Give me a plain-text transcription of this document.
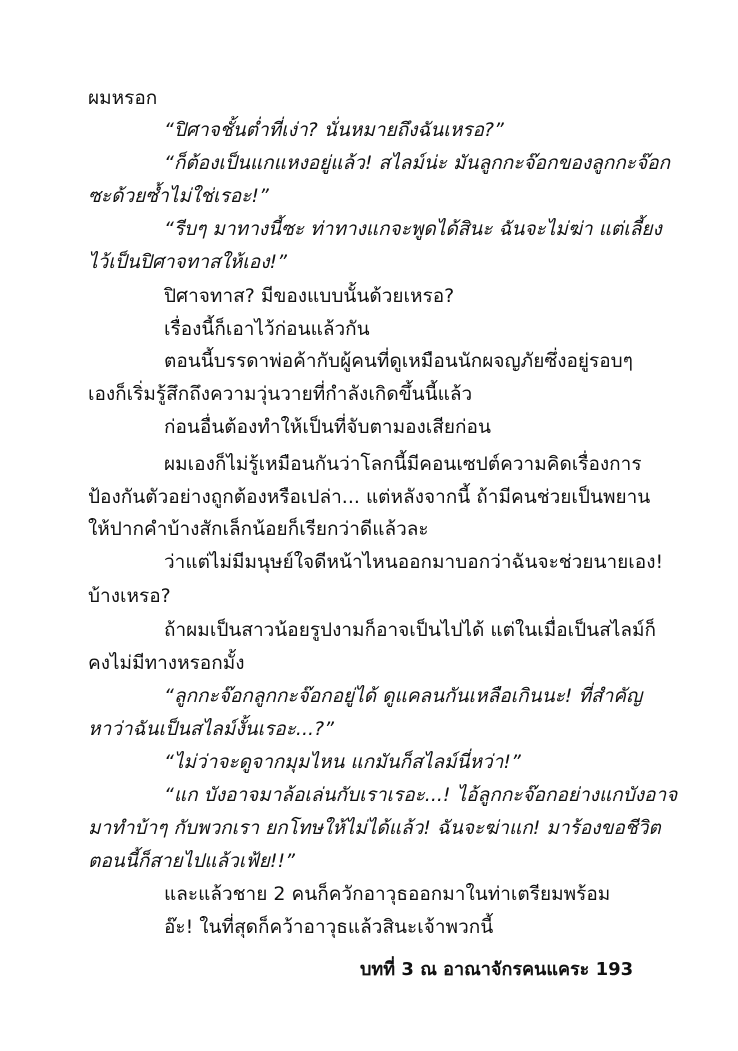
ผมหรอก
“ปิศาจชั้นต่ำที่เง่า? นั่นหมายถึงฉันเหรอ?”
“ก็ต้องเป็นแกแหงอยู่แล้ว! สไลม์น่ะ มันลูกกะจ๊อกของลูกกะจ๊อก
ซะด้วยซ้ำไม่ใช่เรอะ!”
“รีบๆ มาทางนี้ซะ ท่าทางแกจะพูดได้สินะ ฉันจะไม่ฆ่า แต่เลี้ยง
ไว้เป็นปิศาจทาสให้เอง!”
ปิศาจทาส? มีของแบบนั้นด้วยเหรอ?
เรื่องนี้ก็เอาไว้ก่อนแล้วกัน
ตอนนี้บรรดาพ่อค้ากับผู้คนที่ดูเหมือนนักผจญภัยซึ่งอยู่รอบๆ
เองก็เริ่มรู้สึกถึงความวุ่นวายที่กำลังเกิดขึ้นนี้แล้ว
ก่อนอื่นต้องทำให้เป็นที่จับตามองเสียก่อน
ผมเองก็ไม่รู้เหมือนกันว่าโลกนี้มีคอนเซปต์ความคิดเรื่องการ
ป้องกันตัวอย่างถูกต้องหรือเปล่า... แต่หลังจากนี้ ถ้ามีคนช่วยเป็นพยาน
ให้ปากคำบ้างสักเล็กน้อยก็เรียกว่าดีแล้วละ
ว่าแต่ไม่มีมนุษย์ใจดีหน้าไหนออกมาบอกว่าฉันจะช่วยนายเอง!
บ้างเหรอ?
ถ้าผมเป็นสาวน้อยรูปงามก็อาจเป็นไปได้ แต่ในเมื่อเป็นสไลม์ก็
คงไม่มีทางหรอกมั้ง
“ลูกกะจ๊อกลูกกะจ๊อกอยู่ได้ ดูแคลนกันเหลือเกินนะ! ที่สำคัญ
หาว่าฉันเป็นสไลม์งั้นเรอะ...?”
“ไม่ว่าจะดูจากมุมไหน แกมันก็สไลม์นี่หว่า!”
“แก บังอาจมาล้อเล่นกับเราเรอะ...! ไอ้ลูกกะจ๊อกอย่างแกบังอาจ
มาทำบ้าๆ กับพวกเรา ยกโทษให้ไม่ได้แล้ว! ฉันจะฆ่าแก! มาร้องขอชีวิต
ตอนนี้ก็สายไปแล้วเฟ้ย!!”
และแล้วชาย 2 คนก็ควักอาวุธออกมาในท่าเตรียมพร้อม
อ๊ะ! ในที่สุดก็คว้าอาวุธแล้วสินะเจ้าพวกนี้
บทที่ 3 ณ อาณาจักรคนแคระ 193
